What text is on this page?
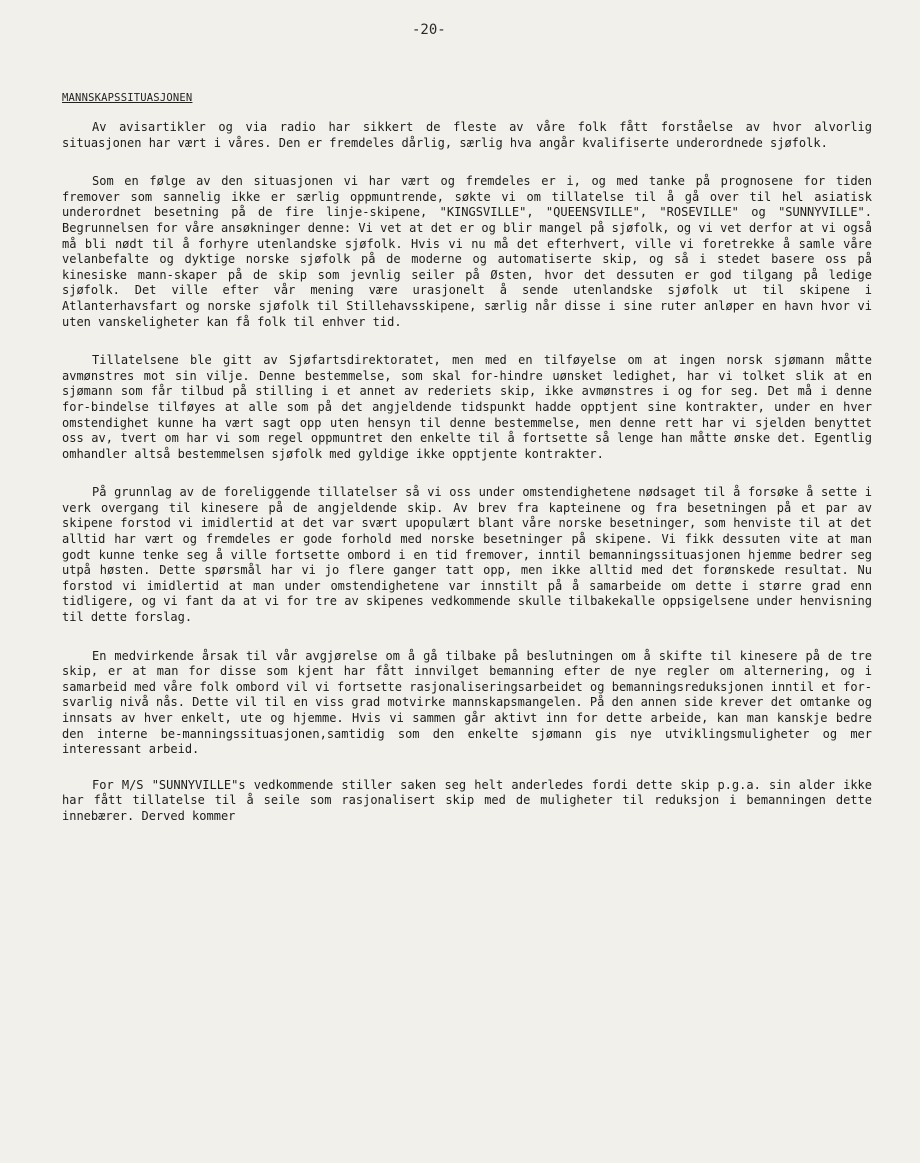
-20-
MANNSKAPSSITUASJONEN

Av avisartikler og via radio har sikkert de fleste av våre folk fått forståelse av hvor alvorlig situasjonen har vært i våres. Den er fremdeles dårlig, særlig hva angår kvalifiserte underordnede sjøfolk.

Som en følge av den situasjonen vi har vært og fremdeles er i, og med tanke på prognosene for tiden fremover som sannelig ikke er særlig oppmuntrende, søkte vi om tillatelse til å gå over til hel asiatisk underordnet besetning på de fire linje-skipene, "KINGSVILLE", "QUEENSVILLE", "ROSEVILLE" og "SUNNYVILLE". Begrunnelsen for våre ansøkninger denne: Vi vet at det er og blir mangel på sjøfolk, og vi vet derfor at vi også må bli nødt til å forhyre utenlandske sjøfolk. Hvis vi nu må det efterhvert, ville vi foretrekke å samle våre velanbefalte og dyktige norske sjøfolk på de moderne og automatiserte skip, og så i stedet basere oss på kinesiske mann-skaper på de skip som jevnlig seiler på Østen, hvor det dessuten er god tilgang på ledige sjøfolk. Det ville efter vår mening være urasjonelt å sende utenlandske sjøfolk ut til skipene i Atlanterhavsfart og norske sjøfolk til Stillehavsskipene, særlig når disse i sine ruter anløper en havn hvor vi uten vanskeligheter kan få folk til enhver tid.

Tillatelsene ble gitt av Sjøfartsdirektoratet, men med en tilføyelse om at ingen norsk sjømann måtte avmønstres mot sin vilje. Denne bestemmelse, som skal for-hindre uønsket ledighet, har vi tolket slik at en sjømann som får tilbud på stilling i et annet av rederiets skip, ikke avmønstres i og for seg. Det må i denne for-bindelse tilføyes at alle som på det angjeldende tidspunkt hadde opptjent sine kontrakter, under en hver omstendighet kunne ha vært sagt opp uten hensyn til denne bestemmelse, men denne rett har vi sjelden benyttet oss av, tvert om har vi som regel oppmuntret den enkelte til å fortsette så lenge han måtte ønske det. Egentlig omhandler altså bestemmelsen sjøfolk med gyldige ikke opptjente kontrakter.

På grunnlag av de foreliggende tillatelser så vi oss under omstendighetene nødsaget til å forsøke å sette i verk overgang til kinesere på de angjeldende skip. Av brev fra kapteinene og fra besetningen på et par av skipene forstod vi imidlertid at det var svært upopulært blant våre norske besetninger, som henviste til at det alltid har vært og fremdeles er gode forhold med norske besetninger på skipene. Vi fikk dessuten vite at man godt kunne tenke seg å ville fortsette ombord i en tid fremover, inntil bemanningssituasjonen hjemme bedrer seg utpå høsten. Dette spørsmål har vi jo flere ganger tatt opp, men ikke alltid med det forønskede resultat. Nu forstod vi imidlertid at man under omstendighetene var innstilt på å samarbeide om dette i større grad enn tidligere, og vi fant da at vi for tre av skipenes vedkommende skulle tilbakekalle oppsigelsene under henvisning til dette forslag.

En medvirkende årsak til vår avgjørelse om å gå tilbake på beslutningen om å skifte til kinesere på de tre skip, er at man for disse som kjent har fått innvilget bemanning efter de nye regler om alternering, og i samarbeid med våre folk ombord vil vi fortsette rasjonaliseringsarbeidet og bemanningsreduksjonen inntil et for-svarlig nivå nås. Dette vil til en viss grad motvirke mannskapsmangelen. På den annen side krever det omtanke og innsats av hver enkelt, ute og hjemme. Hvis vi sammen går aktivt inn for dette arbeide, kan man kanskje bedre den interne be-manningssituasjonen,samtidig som den enkelte sjømann gis nye utviklingsmuligheter og mer interessant arbeid.

For M/S "SUNNYVILLE"s vedkommende stiller saken seg helt anderledes fordi dette skip p.g.a. sin alder ikke har fått tillatelse til å seile som rasjonalisert skip med de muligheter til reduksjon i bemanningen dette innebærer. Derved kommer
